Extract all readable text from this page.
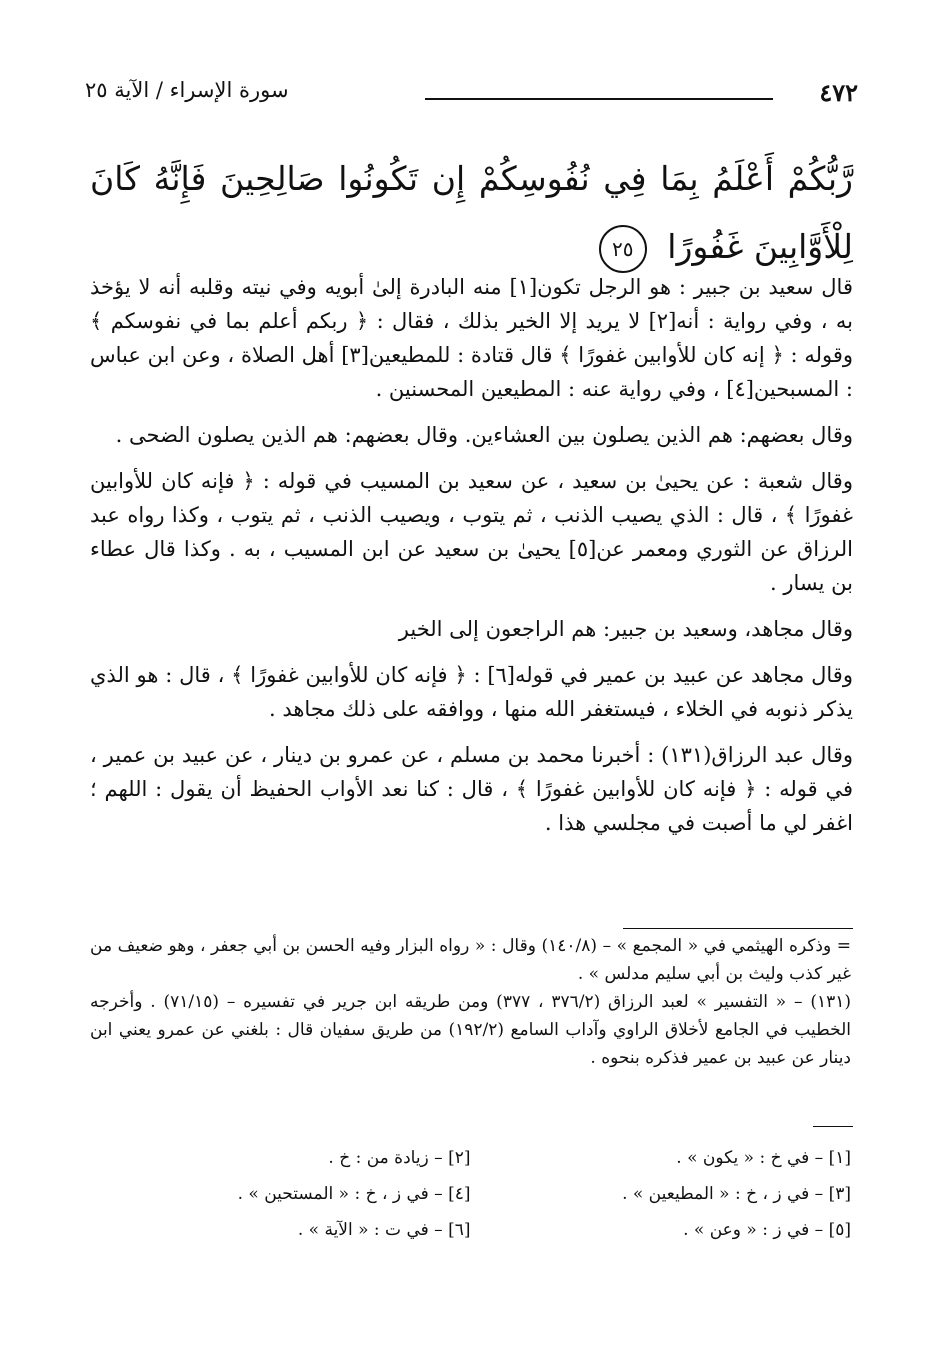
٤٧٢
سورة الإسراء / الآية ٢٥
رَّبُّكُمْ أَعْلَمُ بِمَا فِي نُفُوسِكُمْ إِن تَكُونُوا صَالِحِينَ فَإِنَّهُ كَانَ لِلْأَوَّابِينَ غَفُورًا ٢٥

قال سعيد بن جبير : هو الرجل تكون[١] منه البادرة إلىٰ أبويه وفي نيته وقلبه أنه لا يؤخذ به ، وفي رواية : أنه[٢] لا يريد إلا الخير بذلك ، فقال : ﴿ ربكم أعلم بما في نفوسكم ﴾ وقوله : ﴿ إنه كان للأوابين غفورًا ﴾ قال قتادة : للمطيعين[٣] أهل الصلاة ، وعن ابن عباس : المسبحين[٤] ، وفي رواية عنه : المطيعين المحسنين .

وقال بعضهم: هم الذين يصلون بين العشاءين. وقال بعضهم: هم الذين يصلون الضحى .

وقال شعبة : عن يحيىٰ بن سعيد ، عن سعيد بن المسيب في قوله : ﴿ فإنه كان للأوابين غفورًا ﴾ ، قال : الذي يصيب الذنب ، ثم يتوب ، ويصيب الذنب ، ثم يتوب ، وكذا رواه عبد الرزاق عن الثوري ومعمر عن[٥] يحيىٰ بن سعيد عن ابن المسيب ، به . وكذا قال عطاء بن يسار .

وقال مجاهد، وسعيد بن جبير: هم الراجعون إلى الخير

وقال مجاهد عن عبيد بن عمير في قوله[٦] : ﴿ فإنه كان للأوابين غفورًا ﴾ ، قال : هو الذي يذكر ذنوبه في الخلاء ، فيستغفر الله منها ، ووافقه على ذلك مجاهد .

وقال عبد الرزاق(١٣١) : أخبرنا محمد بن مسلم ، عن عمرو بن دينار ، عن عبيد بن عمير ، في قوله : ﴿ فإنه كان للأوابين غفورًا ﴾ ، قال : كنا نعد الأواب الحفيظ أن يقول : اللهم ؛ اغفر لي ما أصبت في مجلسي هذا .

= وذكره الهيثمي في « المجمع » – (١٤٠/٨) وقال : « رواه البزار وفيه الحسن بن أبي جعفر ، وهو ضعيف من غير كذب وليث بن أبي سليم مدلس » .

(١٣١) – « التفسير » لعبد الرزاق (٣٧٦/٢ ، ٣٧٧) ومن طريقه ابن جرير في تفسيره – (٧١/١٥) . وأخرجه الخطيب في الجامع لأخلاق الراوي وآداب السامع (١٩٢/٢) من طريق سفيان قال : بلغني عن عمرو يعني ابن دينار عن عبيد بن عمير فذكره بنحوه .

[١] – في خ : « يكون » .

[٣] – في ز ، خ : « المطيعين » .

[٥] – في ز : « وعن » .

[٢] – زيادة من : خ .

[٤] – في ز ، خ : « المستحين » .

[٦] – في ت : « الآية » .
